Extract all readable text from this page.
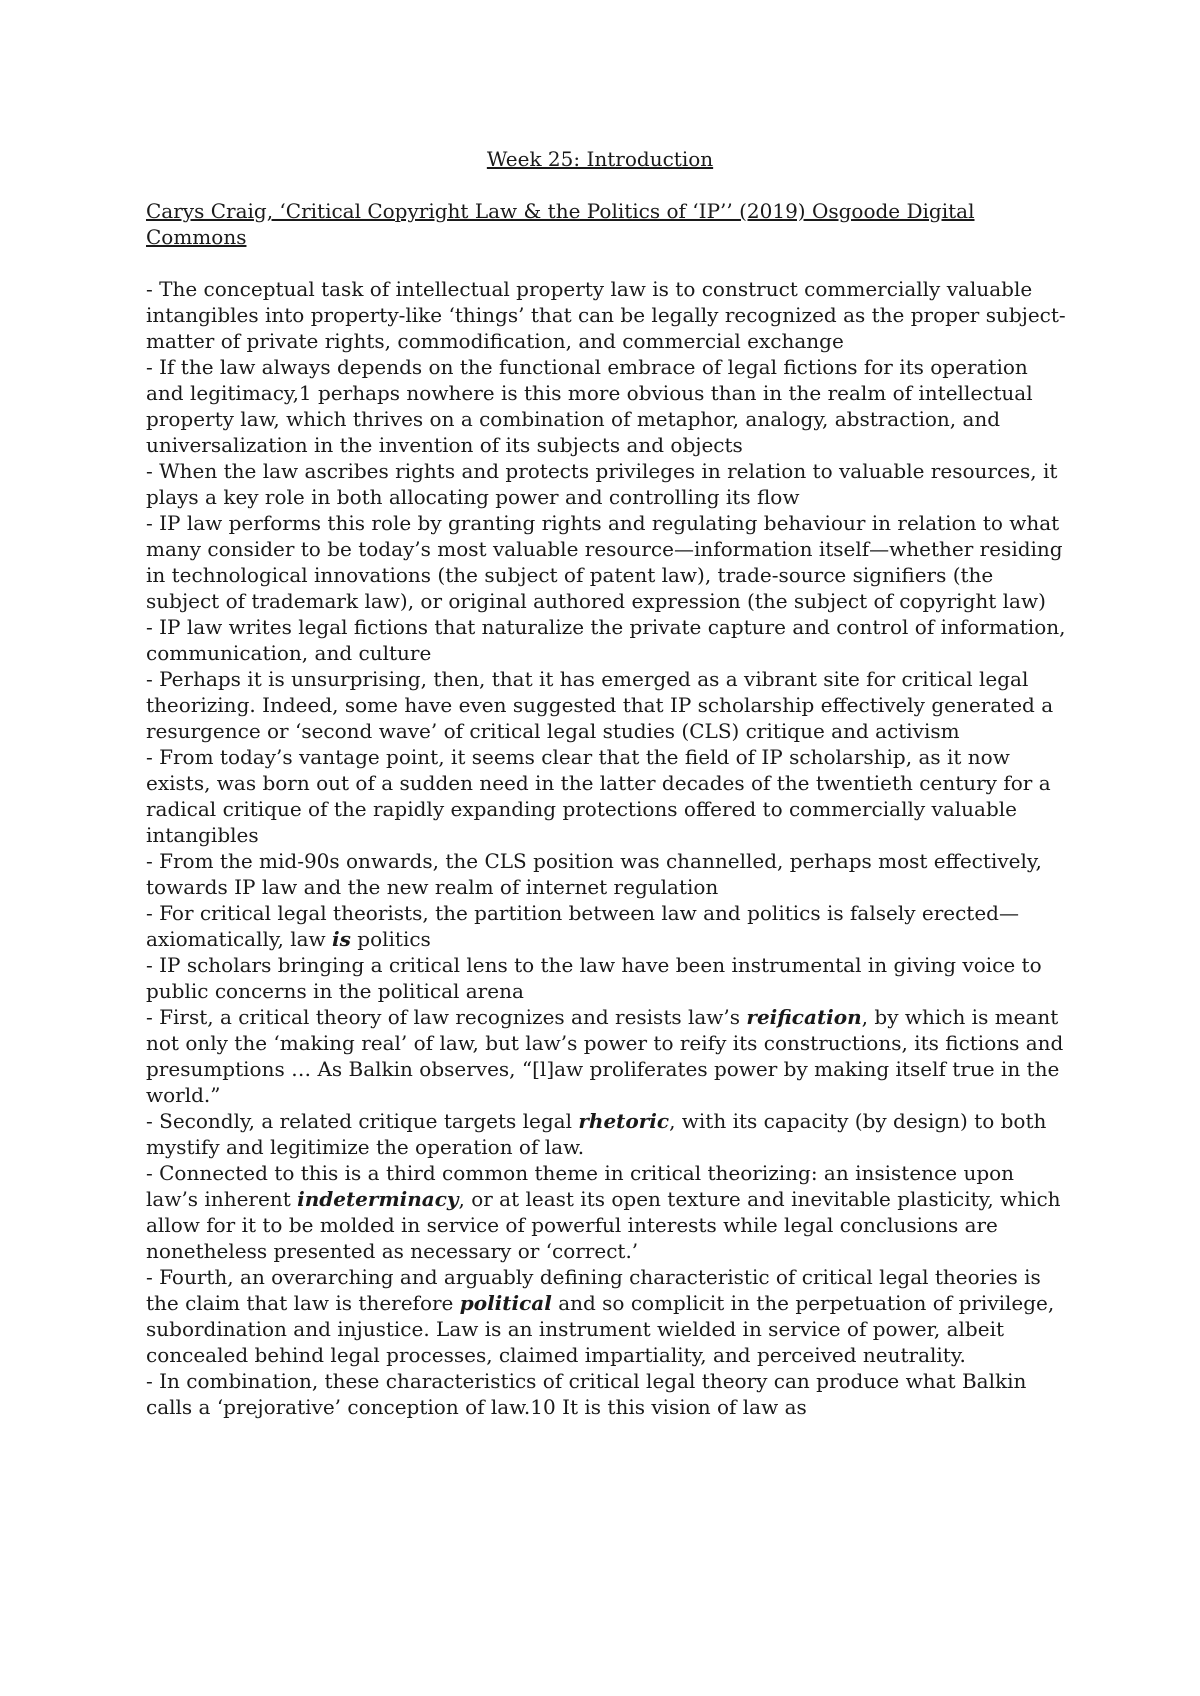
Week 25: Introduction

Carys Craig, ‘Critical Copyright Law & the Politics of ‘IP’’ (2019) Osgoode Digital Commons

- The conceptual task of intellectual property law is to construct commercially valuable intangibles into property-like ‘things’ that can be legally recognized as the proper subject-matter of private rights, commodification, and commercial exchange
- If the law always depends on the functional embrace of legal fictions for its operation and legitimacy,1 perhaps nowhere is this more obvious than in the realm of intellectual property law, which thrives on a combination of metaphor, analogy, abstraction, and universalization in the invention of its subjects and objects
- When the law ascribes rights and protects privileges in relation to valuable resources, it plays a key role in both allocating power and controlling its flow
- IP law performs this role by granting rights and regulating behaviour in relation to what many consider to be today’s most valuable resource—information itself—whether residing in technological innovations (the subject of patent law), trade-source signifiers (the subject of trademark law), or original authored expression (the subject of copyright law)
- IP law writes legal fictions that naturalize the private capture and control of information, communication, and culture
- Perhaps it is unsurprising, then, that it has emerged as a vibrant site for critical legal theorizing. Indeed, some have even suggested that IP scholarship effectively generated a resurgence or ‘second wave’ of critical legal studies (CLS) critique and activism
- From today’s vantage point, it seems clear that the field of IP scholarship, as it now exists, was born out of a sudden need in the latter decades of the twentieth century for a radical critique of the rapidly expanding protections offered to commercially valuable intangibles
- From the mid-90s onwards, the CLS position was channelled, perhaps most effectively, towards IP law and the new realm of internet regulation
- For critical legal theorists, the partition between law and politics is falsely erected—axiomatically, law is politics
- IP scholars bringing a critical lens to the law have been instrumental in giving voice to public concerns in the political arena
- First, a critical theory of law recognizes and resists law’s reification, by which is meant not only the ‘making real’ of law, but law’s power to reify its constructions, its fictions and presumptions … As Balkin observes, “[l]aw proliferates power by making itself true in the world.”
- Secondly, a related critique targets legal rhetoric, with its capacity (by design) to both mystify and legitimize the operation of law.
- Connected to this is a third common theme in critical theorizing: an insistence upon law’s inherent indeterminacy, or at least its open texture and inevitable plasticity, which allow for it to be molded in service of powerful interests while legal conclusions are nonetheless presented as necessary or ‘correct.’
- Fourth, an overarching and arguably defining characteristic of critical legal theories is the claim that law is therefore political and so complicit in the perpetuation of privilege, subordination and injustice. Law is an instrument wielded in service of power, albeit concealed behind legal processes, claimed impartiality, and perceived neutrality.
- In combination, these characteristics of critical legal theory can produce what Balkin calls a ‘prejorative’ conception of law.10 It is this vision of law as
